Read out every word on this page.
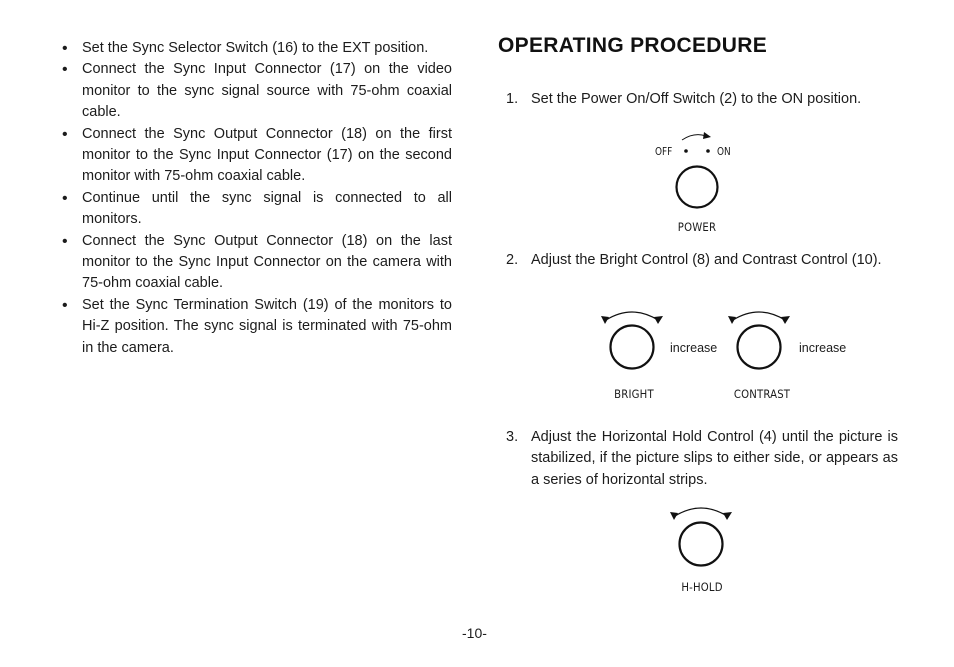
• Set the Sync Selector Switch (16) to the EXT position.
• Connect the Sync Input Connector (17) on the video monitor to the sync signal source with 75-ohm coaxial cable.
• Connect the Sync Output Connector (18) on the first monitor to the Sync Input Connector (17) on the second monitor with 75-ohm coaxial cable.
• Continue until the sync signal is connected to all monitors.
• Connect the Sync Output Connector (18) on the last monitor to the Sync Input Connector on the camera with 75-ohm coaxial cable.
• Set the Sync Termination Switch (19) of the monitors to Hi-Z position. The sync signal is terminated with 75-ohm in the camera.
OPERATING PROCEDURE
1. Set the Power On/Off Switch (2) to the ON position.
OFF	ON
POWER
2. Adjust the Bright Control (8) and Contrast Control (10).
increase
BRIGHT
increase
CONTRAST
3. Adjust the Horizontal Hold Control (4) until the picture is stabilized, if the picture slips to either side, or appears as a series of horizontal strips.
H-HOLD
-10-
